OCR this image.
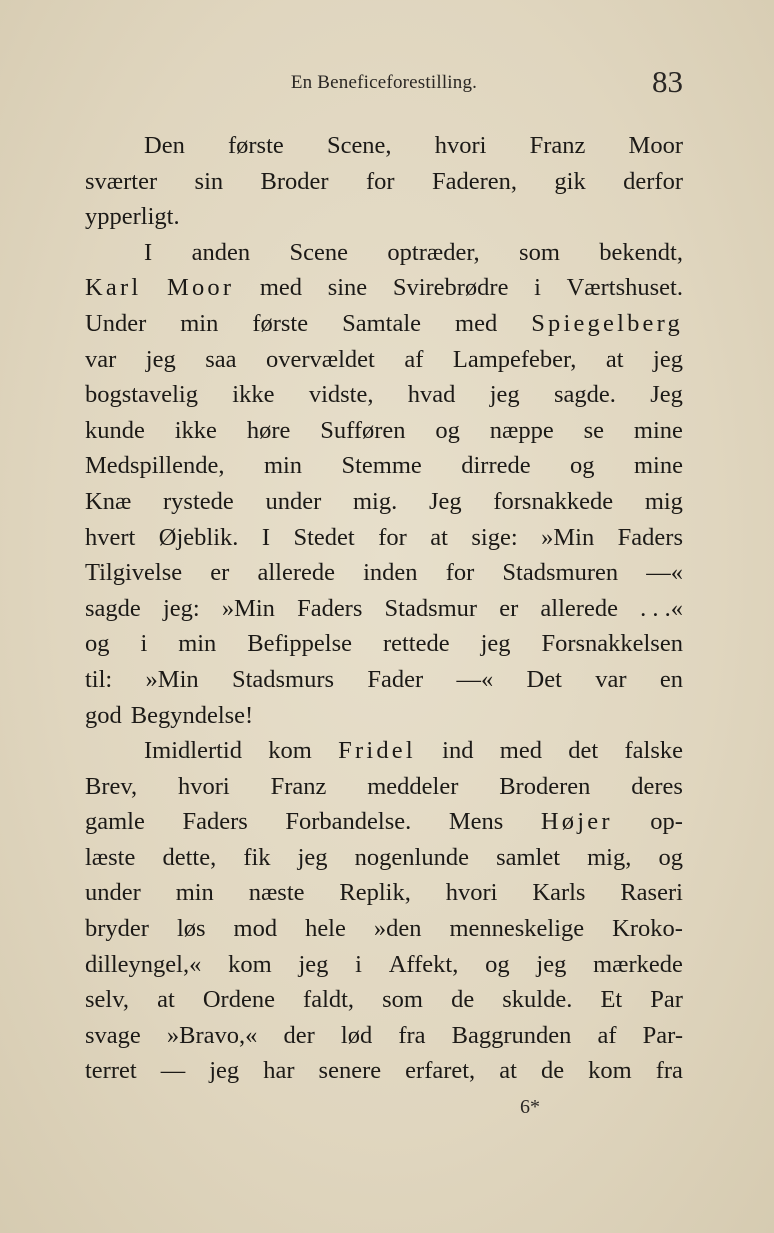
En Beneficeforestilling.	83
Den første Scene, hvori Franz Moor
sværter sin Broder for Faderen, gik derfor
ypperligt.
I anden Scene optræder, som bekendt,
Karl Moor med sine Svirebrødre i Værtshuset.
Under min første Samtale med Spiegelberg
var jeg saa overvældet af Lampefeber, at jeg
bogstavelig ikke vidste, hvad jeg sagde. Jeg
kunde ikke høre Sufføren og næppe se mine
Medspillende, min Stemme dirrede og mine
Knæ rystede under mig. Jeg forsnakkede mig
hvert Øjeblik. I Stedet for at sige: »Min Faders
Tilgivelse er allerede inden for Stadsmuren —«
sagde jeg: »Min Faders Stadsmur er allerede . . .«
og i min Befippelse rettede jeg Forsnakkelsen
til: »Min Stadsmurs Fader —« Det var en
god Begyndelse!
Imidlertid kom Fridel ind med det falske
Brev, hvori Franz meddeler Broderen deres
gamle Faders Forbandelse. Mens Højer op-
læste dette, fik jeg nogenlunde samlet mig, og
under min næste Replik, hvori Karls Raseri
bryder løs mod hele »den menneskelige Kroko-
dilleyngel,« kom jeg i Affekt, og jeg mærkede
selv, at Ordene faldt, som de skulde. Et Par
svage »Bravo,« der lød fra Baggrunden af Par-
terret — jeg har senere erfaret, at de kom fra
6*
